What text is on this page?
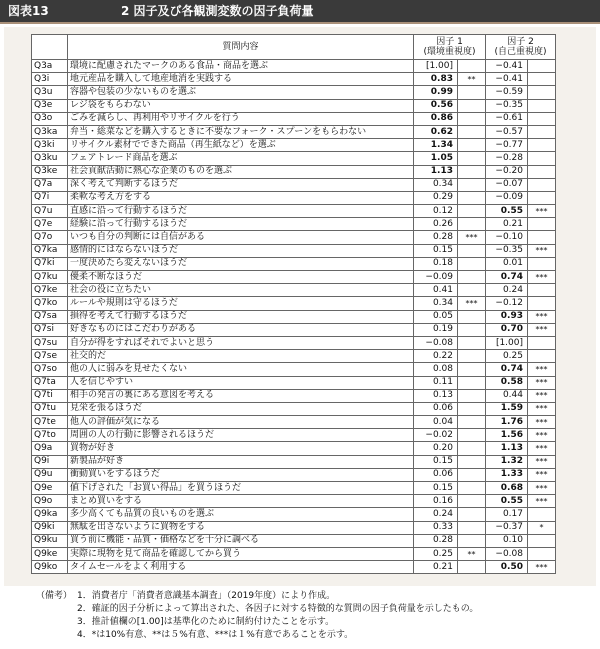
図表13	2 因子及び各観測変数の因子負荷量
	質問内容	因子 1
(環境重視度)		因子 2
(自己重視度)	
Q3a	環境に配慮されたマークのある食品・商品を選ぶ	[1.00]		−0.41	
Q3i	地元産品を購入して地産地消を実践する	0.83	**	−0.41	
Q3u	容器や包装の少ないものを選ぶ	0.99		−0.59	
Q3e	レジ袋をもらわない	0.56		−0.35	
Q3o	ごみを減らし、再利用やリサイクルを行う	0.86		−0.61	
Q3ka	弁当・総菜などを購入するときに不要なフォーク・スプーンをもらわない	0.62		−0.57	
Q3ki	リサイクル素材でできた商品（再生紙など）を選ぶ	1.34		−0.77	
Q3ku	フェアトレード商品を選ぶ	1.05		−0.28	
Q3ke	社会貢献活動に熱心な企業のものを選ぶ	1.13		−0.20	
Q7a	深く考えて判断するほうだ	0.34		−0.07	
Q7i	柔軟な考え方をする	0.29		−0.09	
Q7u	直感に沿って行動するほうだ	0.12		0.55	***
Q7e	経験に沿って行動するほうだ	0.26		0.21	
Q7o	いつも自分の判断には自信がある	0.28	***	−0.10	
Q7ka	感情的にはならないほうだ	0.15		−0.35	***
Q7ki	一度決めたら変えないほうだ	0.18		0.01	
Q7ku	優柔不断なほうだ	−0.09		0.74	***
Q7ke	社会の役に立ちたい	0.41		0.24	
Q7ko	ルールや規則は守るほうだ	0.34	***	−0.12	
Q7sa	損得を考えて行動するほうだ	0.05		0.93	***
Q7si	好きなものにはこだわりがある	0.19		0.70	***
Q7su	自分が得をすればそれでよいと思う	−0.08		[1.00]	
Q7se	社交的だ	0.22		0.25	
Q7so	他の人に弱みを見せたくない	0.08		0.74	***
Q7ta	人を信じやすい	0.11		0.58	***
Q7ti	相手の発言の裏にある意図を考える	0.13		0.44	***
Q7tu	見栄を張るほうだ	0.06		1.59	***
Q7te	他人の評価が気になる	0.04		1.76	***
Q7to	周囲の人の行動に影響されるほうだ	−0.02		1.56	***
Q9a	買物が好き	0.20		1.13	***
Q9i	新製品が好き	0.15		1.32	***
Q9u	衝動買いをするほうだ	0.06		1.33	***
Q9e	値下げされた「お買い得品」を買うほうだ	0.15		0.68	***
Q9o	まとめ買いをする	0.16		0.55	***
Q9ka	多少高くても品質の良いものを選ぶ	0.24		0.17	
Q9ki	無駄を出さないように買物をする	0.33		−0.37	*
Q9ku	買う前に機能・品質・価格などを十分に調べる	0.28		0.10	
Q9ke	実際に現物を見て商品を確認してから買う	0.25	**	−0.08	
Q9ko	タイムセールをよく利用する	0.21		0.50	***
（備考） 1．消費者庁「消費者意識基本調査」（2019年度）により作成。
2．確証的因子分析によって算出された、各因子に対する特徴的な質問の因子負荷量を示したもの。
3．推計値欄の[1.00]は基準化のために制約付けたことを示す。
4．*は10%有意、**は５%有意、***は１%有意であることを示す。
